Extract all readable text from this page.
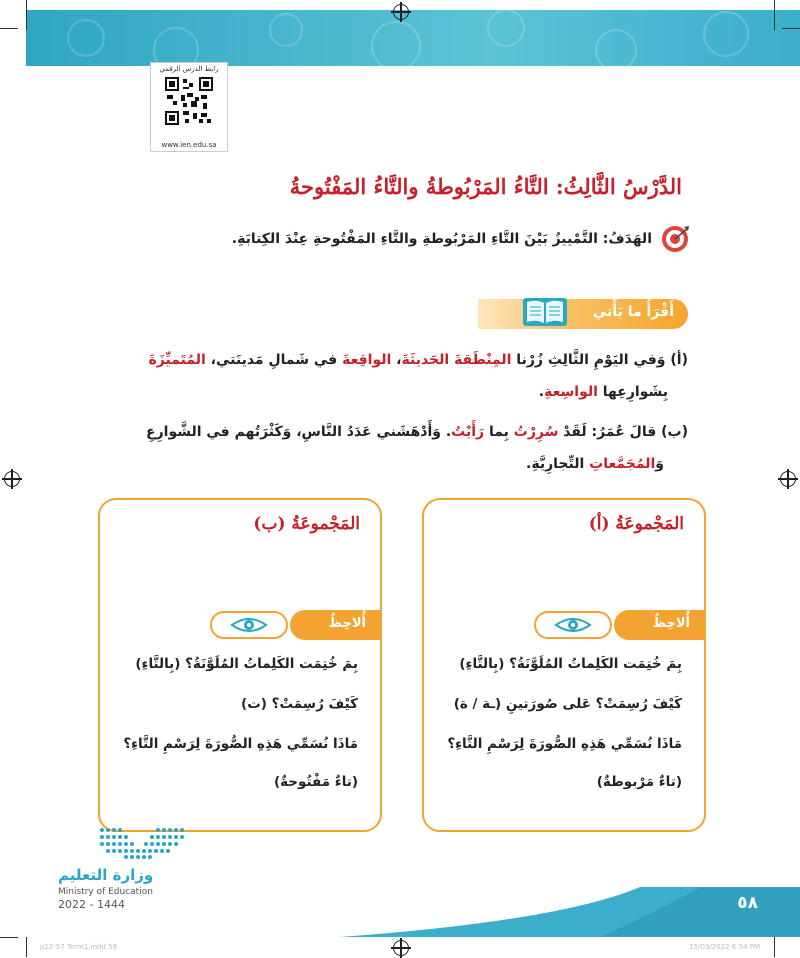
رابط الدرس الرقمي
www.ien.edu.sa
الدَّرْسُ الثَّالِثُ: التَّاءُ المَرْبُوطةُ والتَّاءُ المَفْتُوحةُ
الهَدَفُ: التَّمْييزُ بَيْنَ التَّاءِ المَرْبُوطةِ والتَّاءِ المَفْتُوحةِ عِنْدَ الكِتابَةِ.
أَقْرَأُ ما يَأْتي
(أ) وَفي اليَوْمِ الثَّالِثِ زُرْنا المِنْطَقةَ الحَديثَةَ، الواقِعةَ في شَمالِ مَدينَتي، المُتَميِّزَةَ
بِشَوارِعِها الواسِعةِ.
(ب) قالَ عُمَرُ: لَقَدْ سُرِرْتُ بِما رَأَيْتُ. وَأَدْهَشَني عَدَدُ النَّاسِ، وَكَثْرَتُهم في الشَّوارِعِ
وَالمُجَمَّعاتِ التِّجارِيَّةِ.
المَجْموعَةُ (أ)
أُلاحِظُ
بِمَ خُتِمَت الكَلِماتُ المُلَوَّنَةُ؟ (بِالتَّاءِ)
كَيْفَ رُسِمَتْ؟ عَلى صُورَتينِ (ـة / ة)
مَاذَا نُسَمِّي هَذِهِ الصُّورَةَ لِرَسْمِ التَّاءِ؟
(تاءٌ مَرْبوطةٌ)
المَجْموعَةُ (ب)
أُلاحِظُ
بِمَ خُتِمَت الكَلِماتُ المُلَوَّنَةُ؟ (بِالتَّاءِ)
كَيْفَ رُسِمَتْ؟ (ت)
مَاذَا نُسَمِّي هَذِهِ الصُّورَةَ لِرَسْمِ التَّاءِ؟
(تاءٌ مَفْتُوحةٌ)
وزارة التعليم
Ministry of Education
2022 - 1444	٥٨
p12-57 Term1.indd 58	15/03/2022 6:54 PM
